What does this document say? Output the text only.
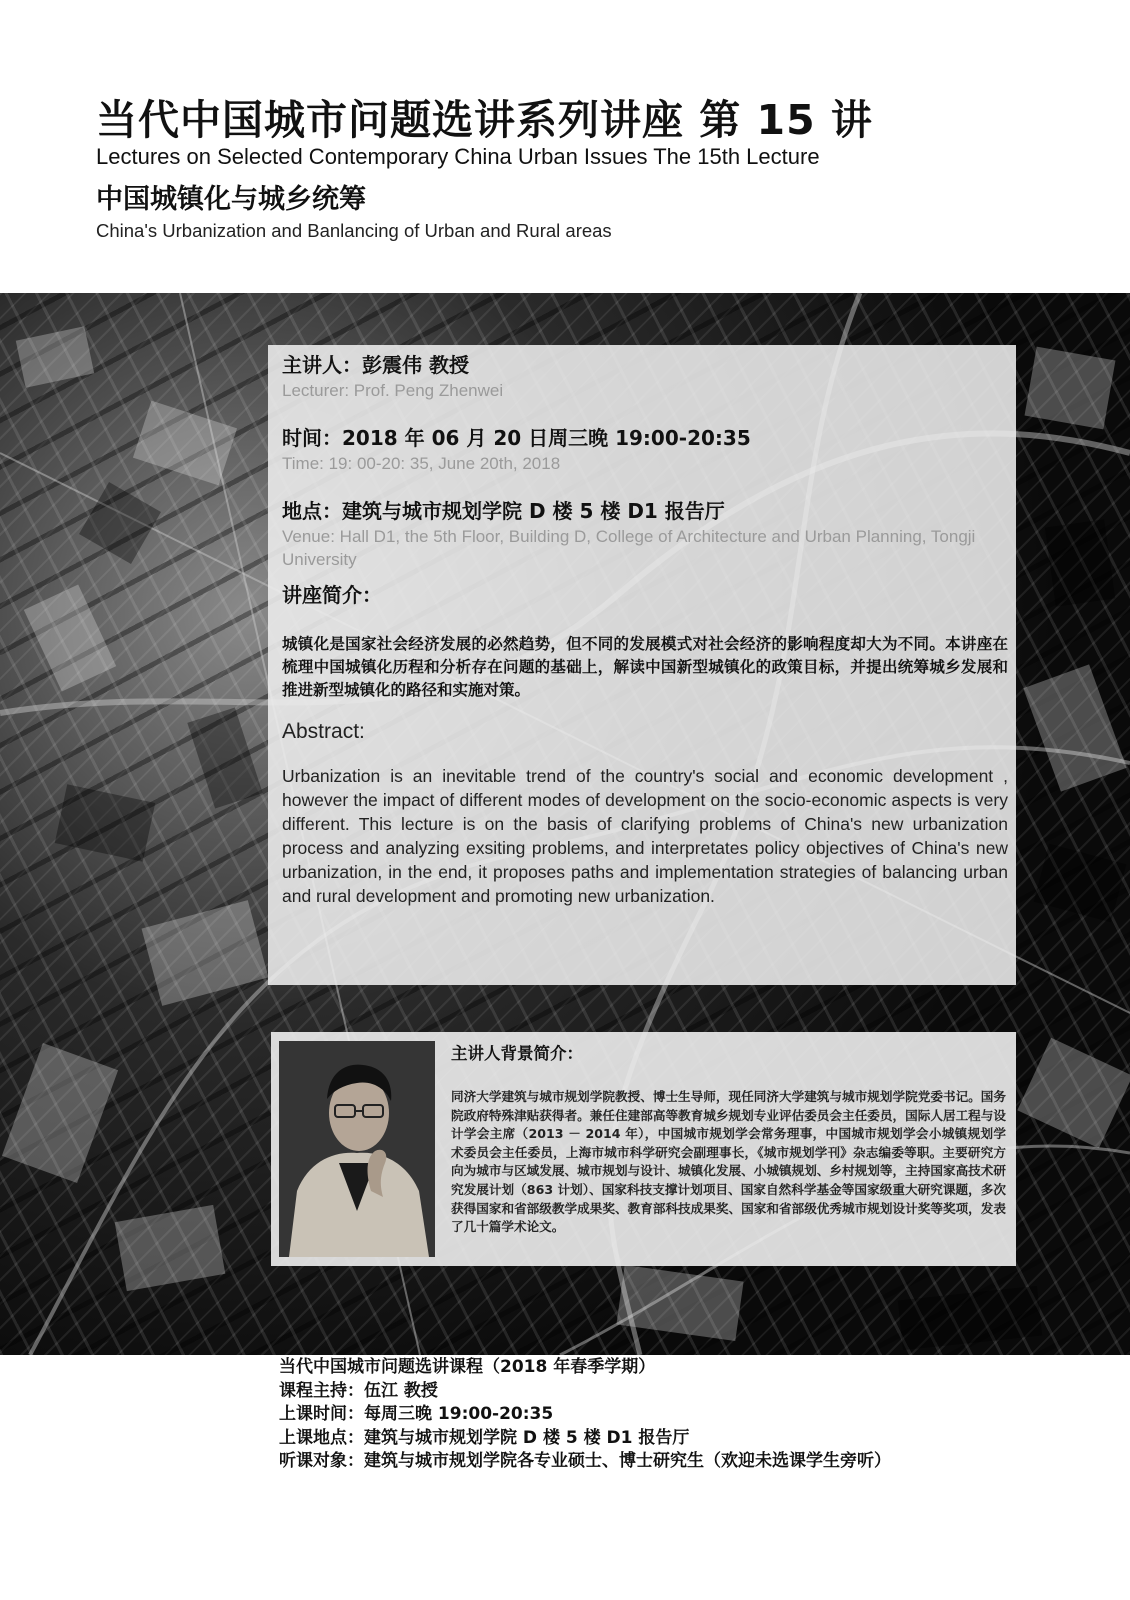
当代中国城市问题选讲系列讲座 第 15 讲
Lectures on Selected Contemporary China Urban Issues The 15th Lecture
中国城镇化与城乡统筹
China's Urbanization and Banlancing of Urban and Rural areas
主讲人：彭震伟 教授
Lecturer: Prof. Peng Zhenwei
时间：2018 年 06 月 20 日周三晚 19:00-20:35
Time: 19: 00-20: 35, June 20th, 2018
地点：建筑与城市规划学院 D 楼 5 楼 D1 报告厅
Venue: Hall D1, the 5th Floor, Building D, College of Architecture and Urban Planning, Tongji University
讲座简介：
城镇化是国家社会经济发展的必然趋势，但不同的发展模式对社会经济的影响程度却大为不同。本讲座在梳理中国城镇化历程和分析存在问题的基础上，解读中国新型城镇化的政策目标，并提出统筹城乡发展和推进新型城镇化的路径和实施对策。
Abstract:
Urbanization is an inevitable trend of the country's social and economic development , however the impact of different modes of development on the socio-economic aspects is very different. This lecture is on the basis of clarifying problems of China's new urbanization process and analyzing exsiting problems, and interpretates policy objectives of China's new urbanization, in the end, it proposes paths and implementation strategies of balancing urban and rural development and promoting new urbanization.
主讲人背景简介：
同济大学建筑与城市规划学院教授、博士生导师，现任同济大学建筑与城市规划学院党委书记。国务院政府特殊津贴获得者。兼任住建部高等教育城乡规划专业评估委员会主任委员，国际人居工程与设计学会主席（2013 － 2014 年），中国城市规划学会常务理事，中国城市规划学会小城镇规划学术委员会主任委员，上海市城市科学研究会副理事长，《城市规划学刊》杂志编委等职。主要研究方向为城市与区域发展、城市规划与设计、城镇化发展、小城镇规划、乡村规划等，主持国家高技术研究发展计划（863 计划）、国家科技支撑计划项目、国家自然科学基金等国家级重大研究课题，多次获得国家和省部级教学成果奖、教育部科技成果奖、国家和省部级优秀城市规划设计奖等奖项，发表了几十篇学术论文。
当代中国城市问题选讲课程（2018 年春季学期）
课程主持：伍江 教授
上课时间：每周三晚 19:00-20:35
上课地点：建筑与城市规划学院 D 楼 5 楼 D1 报告厅
听课对象：建筑与城市规划学院各专业硕士、博士研究生（欢迎未选课学生旁听）
